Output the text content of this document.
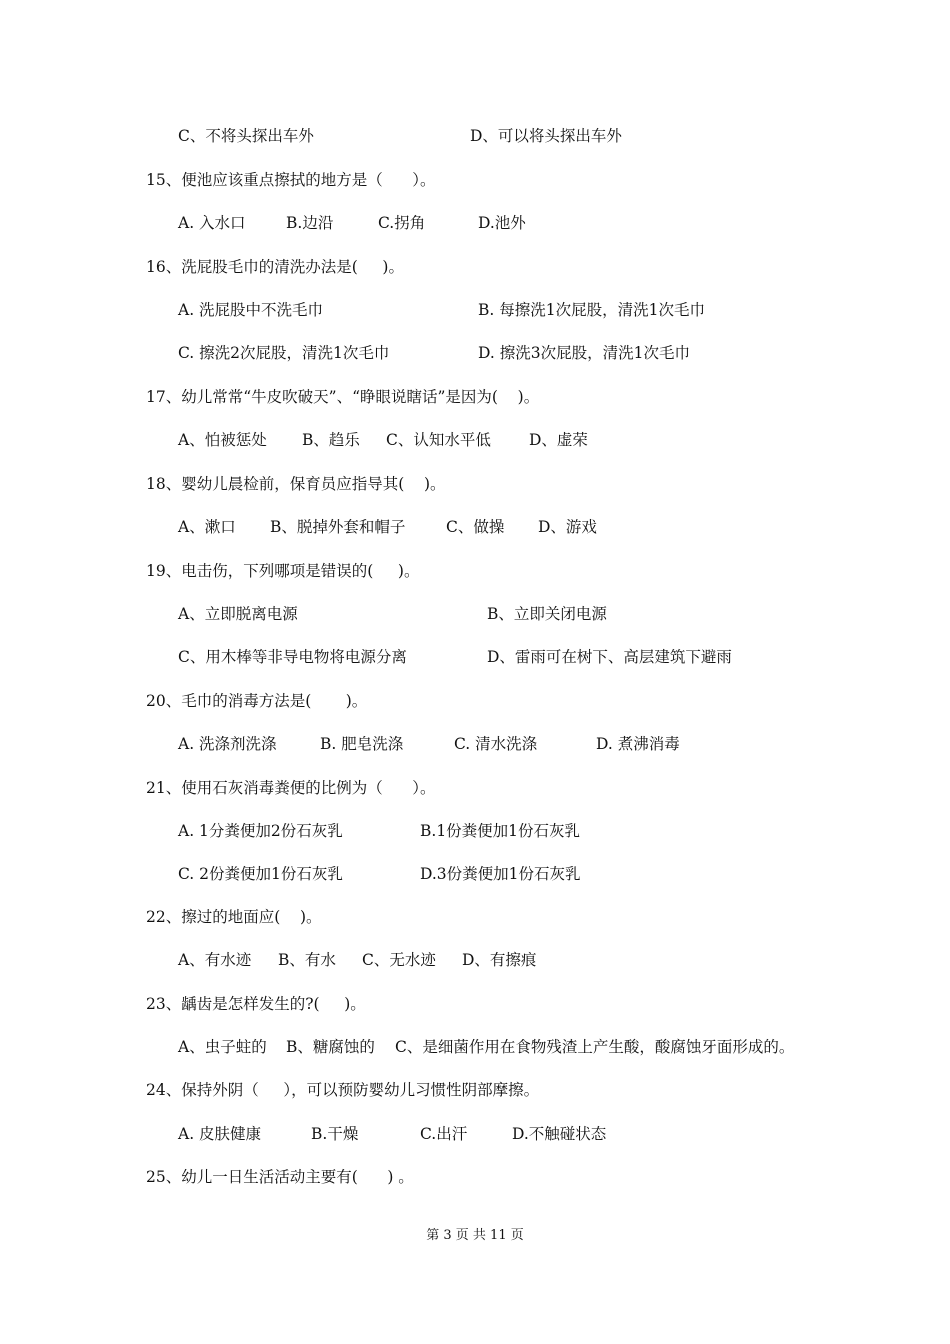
C、不将头探出车外	D、可以将头探出车外
15、便池应该重点擦拭的地方是（      ）。
A. 入水口	B.边沿	C.拐角	D.池外
16、洗屁股毛巾的清洗办法是(     )。
A. 洗屁股中不洗毛巾	B. 每擦洗1次屁股，清洗1次毛巾
C. 擦洗2次屁股，清洗1次毛巾	D. 擦洗3次屁股，清洗1次毛巾
17、幼儿常常“牛皮吹破天”、“睁眼说瞎话”是因为(    )。
A、怕被惩处 B、趋乐 C、认知水平低 D、虚荣
18、婴幼儿晨检前，保育员应指导其(    )。
A、漱口 B、脱掉外套和帽子	C、做操 D、游戏
19、电击伤，下列哪项是错误的(     )。
A、立即脱离电源	B、立即关闭电源
C、用木棒等非导电物将电源分离	D、雷雨可在树下、高层建筑下避雨
20、毛巾的消毒方法是(       )。
A. 洗涤剂洗涤	B. 肥皂洗涤	C. 清水洗涤	D. 煮沸消毒
21、使用石灰消毒粪便的比例为（      ）。
A. 1分粪便加2份石灰乳	B.1份粪便加1份石灰乳
C. 2份粪便加1份石灰乳	D.3份粪便加1份石灰乳
22、擦过的地面应(    )。
A、有水迹 B、有水 C、无水迹 D、有擦痕
23、龋齿是怎样发生的?(     )。
A、虫子蛀的 B、糖腐蚀的 C、是细菌作用在食物残渣上产生酸，酸腐蚀牙面形成的。
24、保持外阴（     ），可以预防婴幼儿习惯性阴部摩擦。
A. 皮肤健康	B.干燥	C.出汗	D.不触碰状态
25、幼儿一日生活活动主要有(      ) 。
第 3 页 共 11 页
